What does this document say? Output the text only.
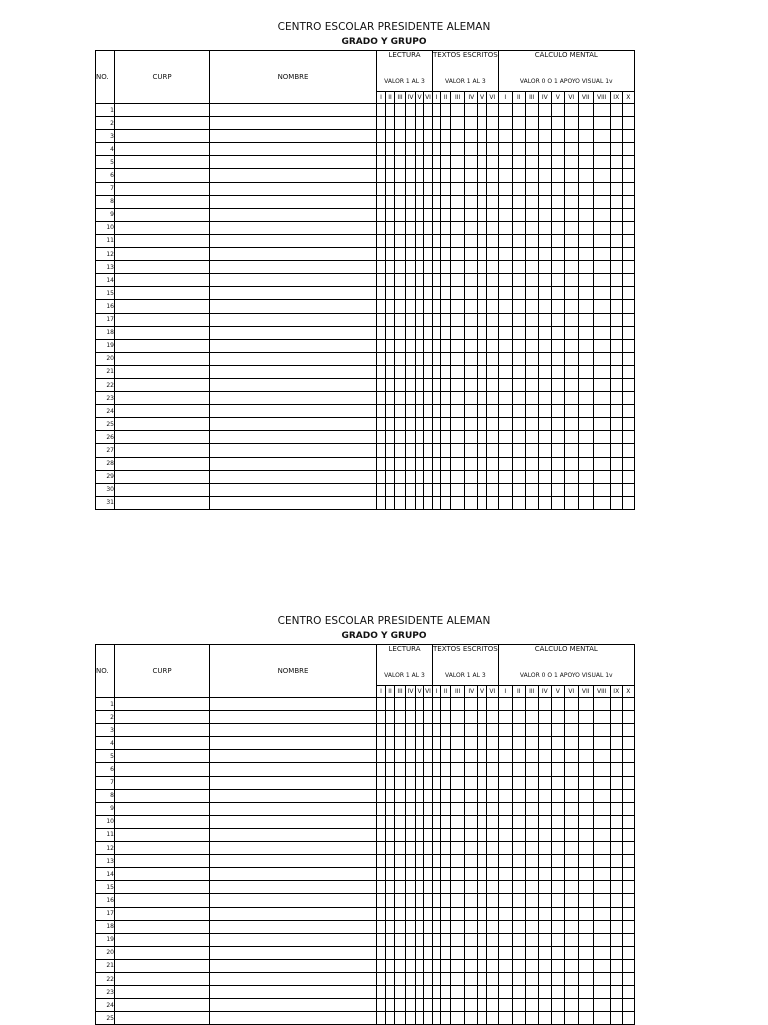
CENTRO ESCOLAR PRESIDENTE ALEMAN
GRADO Y GRUPO
NO.	CURP	NOMBRE	LECTURA						TEXTOS ESCRITOS						CÁLCULO MENTAL									
			VALOR 1 AL 3						VALOR 1 AL 3						VALOR 0 O 1 APOYO VISUAL 1v									
			I	II	III	IV	V	VI	I	II	III	IV	V	VI	I	II	III	IV	V	VI	VII	VIII	IX	X
1																								
2																								
3																								
4																								
5																								
6																								
7																								
8																								
9																								
10																								
11																								
12																								
13																								
14																								
15																								
16																								
17																								
18																								
19																								
20																								
21																								
22																								
23																								
24																								
25																								
26																								
27																								
28																								
29																								
30																								
31																								
CENTRO ESCOLAR PRESIDENTE ALEMAN
GRADO Y GRUPO
NO.	CURP	NOMBRE	LECTURA						TEXTOS ESCRITOS						CÁLCULO MENTAL									
			VALOR 1 AL 3						VALOR 1 AL 3						VALOR 0 O 1 APOYO VISUAL 1v									
			I	II	III	IV	V	VI	I	II	III	IV	V	VI	I	II	III	IV	V	VI	VII	VIII	IX	X
1																								
2																								
3																								
4																								
5																								
6																								
7																								
8																								
9																								
10																								
11																								
12																								
13																								
14																								
15																								
16																								
17																								
18																								
19																								
20																								
21																								
22																								
23																								
24																								
25																								
